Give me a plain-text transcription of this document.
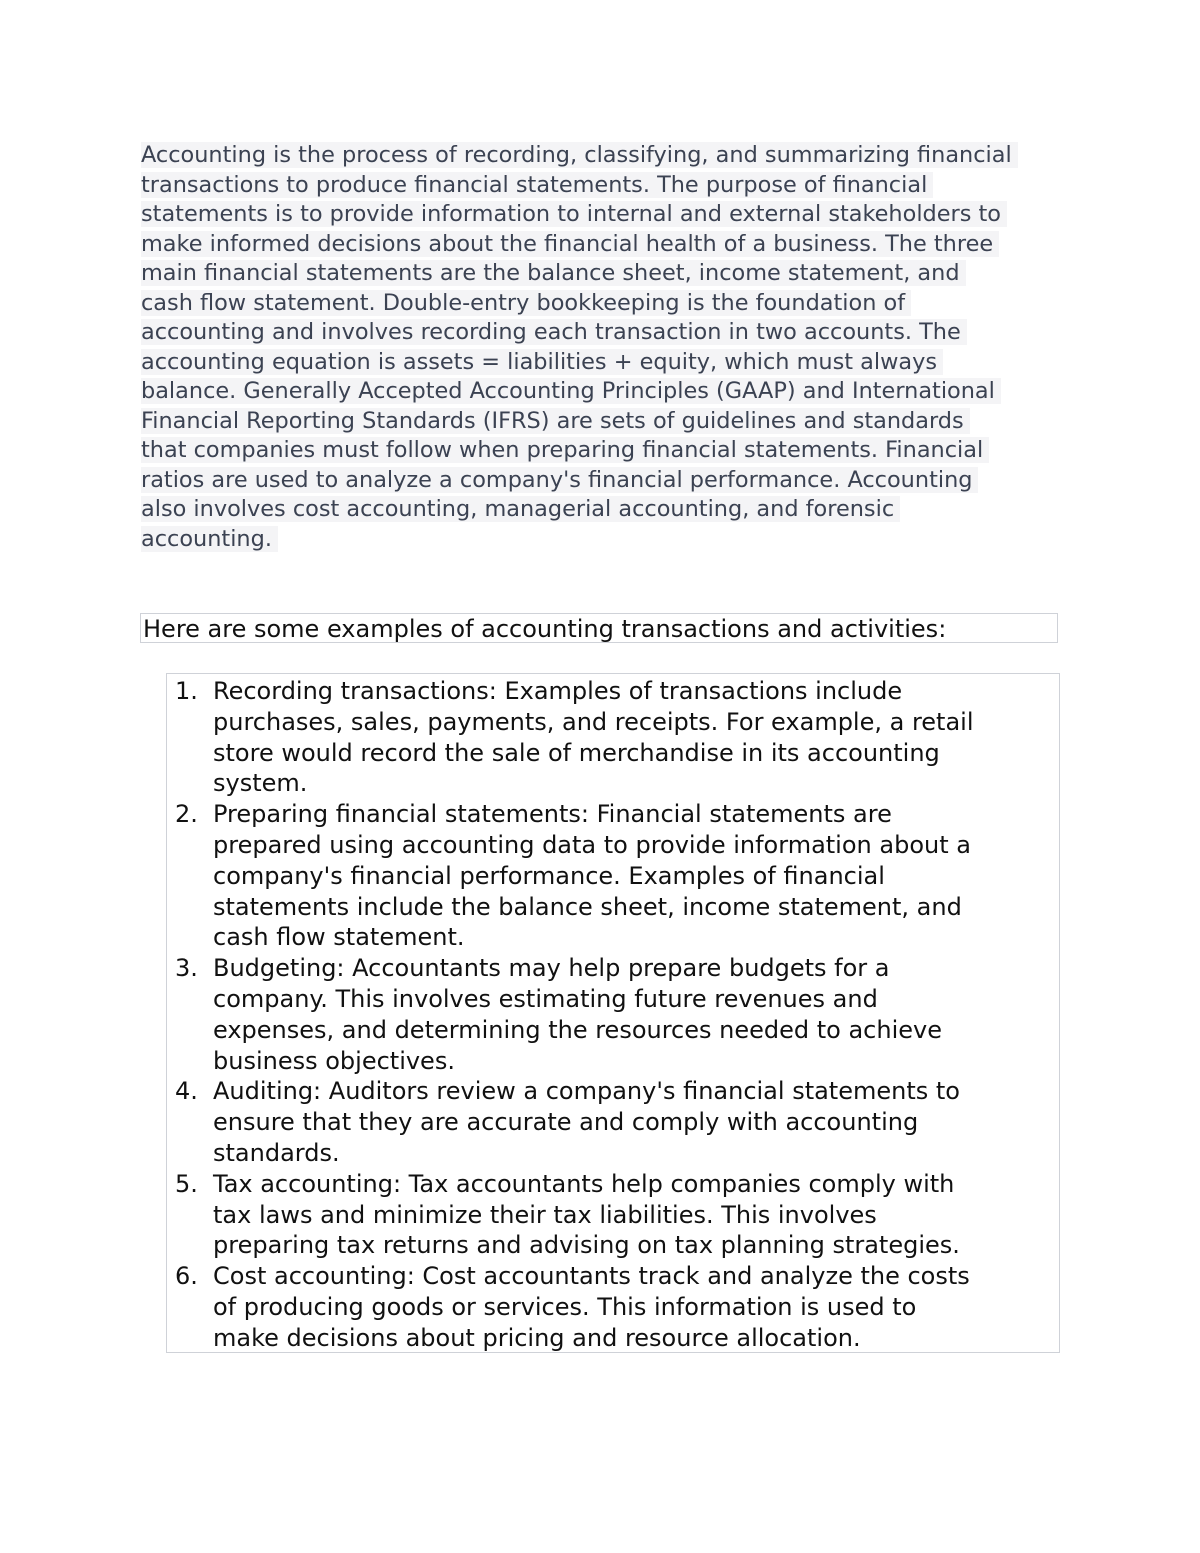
Accounting is the process of recording, classifying, and summarizing financial
transactions to produce financial statements. The purpose of financial
statements is to provide information to internal and external stakeholders to
make informed decisions about the financial health of a business. The three
main financial statements are the balance sheet, income statement, and
cash flow statement. Double-entry bookkeeping is the foundation of
accounting and involves recording each transaction in two accounts. The
accounting equation is assets = liabilities + equity, which must always
balance. Generally Accepted Accounting Principles (GAAP) and International
Financial Reporting Standards (IFRS) are sets of guidelines and standards
that companies must follow when preparing financial statements. Financial
ratios are used to analyze a company's financial performance. Accounting
also involves cost accounting, managerial accounting, and forensic
accounting.

Here are some examples of accounting transactions and activities:

1. Recording transactions: Examples of transactions include
purchases, sales, payments, and receipts. For example, a retail
store would record the sale of merchandise in its accounting
system.
2. Preparing financial statements: Financial statements are
prepared using accounting data to provide information about a
company's financial performance. Examples of financial
statements include the balance sheet, income statement, and
cash flow statement.
3. Budgeting: Accountants may help prepare budgets for a
company. This involves estimating future revenues and
expenses, and determining the resources needed to achieve
business objectives.
4. Auditing: Auditors review a company's financial statements to
ensure that they are accurate and comply with accounting
standards.
5. Tax accounting: Tax accountants help companies comply with
tax laws and minimize their tax liabilities. This involves
preparing tax returns and advising on tax planning strategies.
6. Cost accounting: Cost accountants track and analyze the costs
of producing goods or services. This information is used to
make decisions about pricing and resource allocation.
